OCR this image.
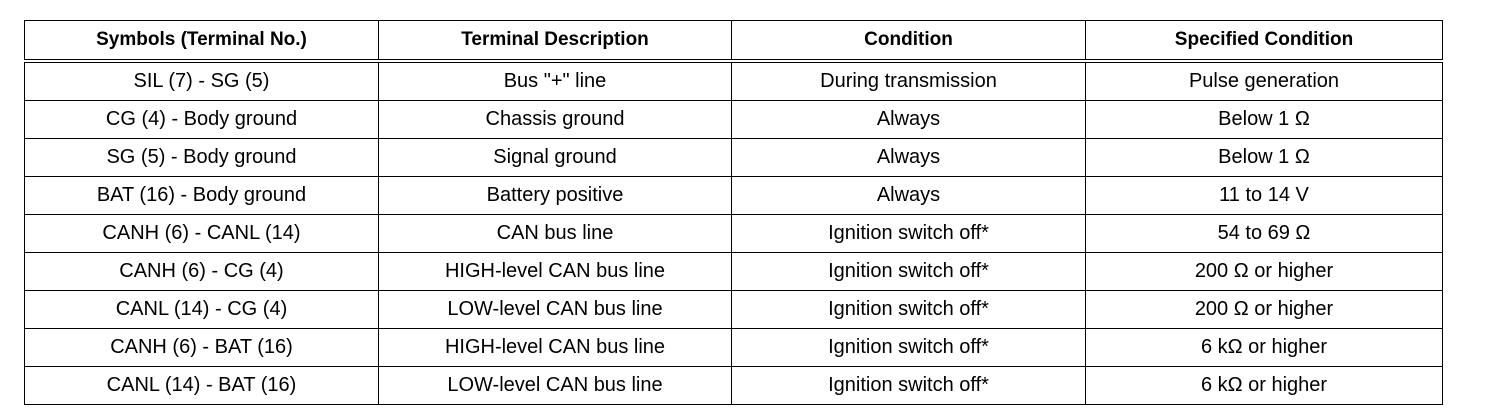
Symbols (Terminal No.)	Terminal Description	Condition	Specified Condition
SIL (7) - SG (5)	Bus "+" line	During transmission	Pulse generation
CG (4) - Body ground	Chassis ground	Always	Below 1 Ω
SG (5) - Body ground	Signal ground	Always	Below 1 Ω
BAT (16) - Body ground	Battery positive	Always	11 to 14 V
CANH (6) - CANL (14)	CAN bus line	Ignition switch off*	54 to 69 Ω
CANH (6) - CG (4)	HIGH-level CAN bus line	Ignition switch off*	200 Ω or higher
CANL (14) - CG (4)	LOW-level CAN bus line	Ignition switch off*	200 Ω or higher
CANH (6) - BAT (16)	HIGH-level CAN bus line	Ignition switch off*	6 kΩ or higher
CANL (14) - BAT (16)	LOW-level CAN bus line	Ignition switch off*	6 kΩ or higher
